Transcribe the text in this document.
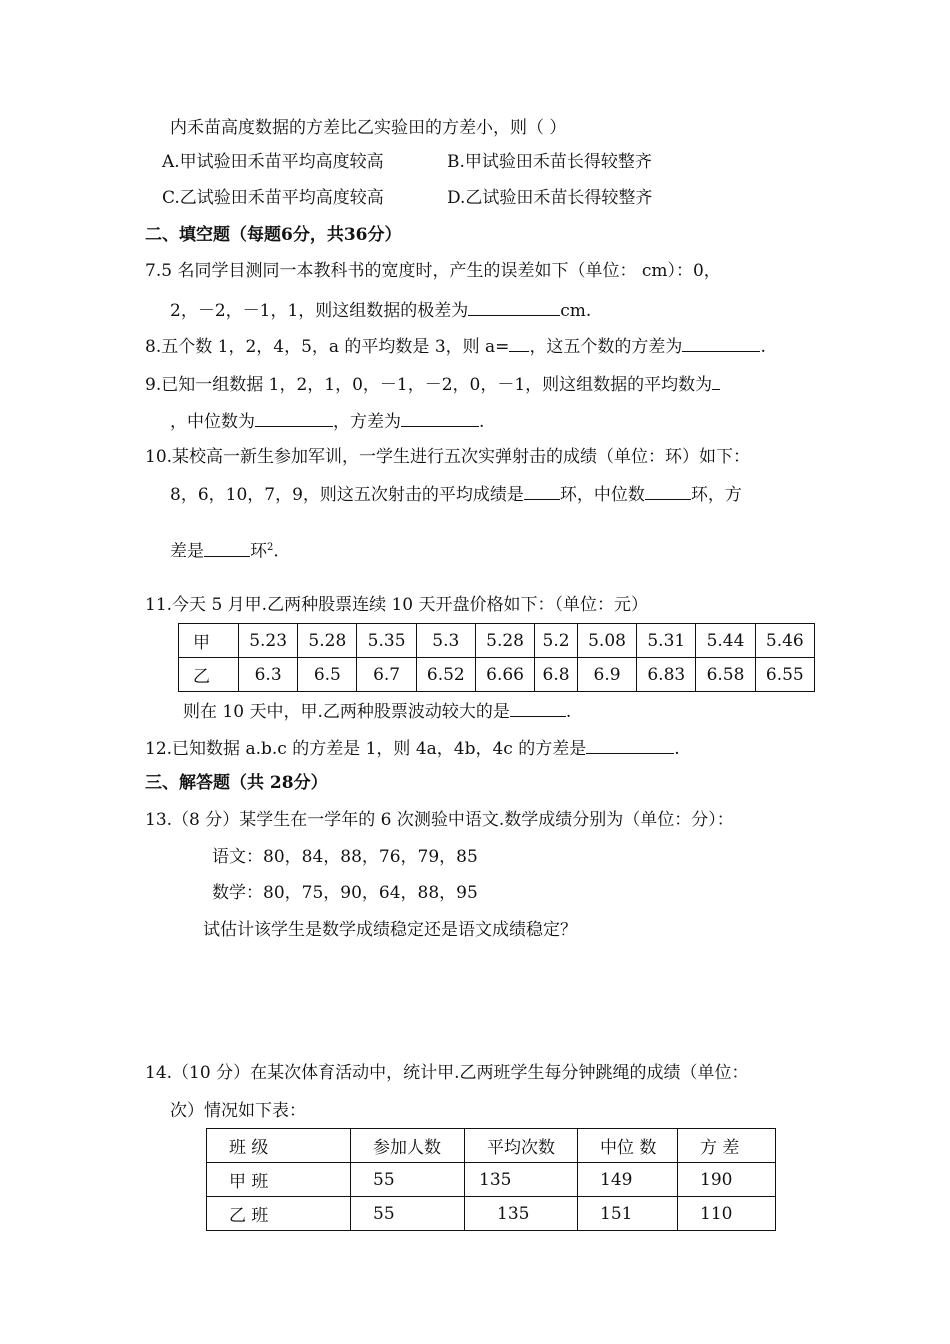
内禾苗高度数据的方差比乙实验田的方差小，则（ ）
A.甲试验田禾苗平均高度较高	B.甲试验田禾苗长得较整齐
C.乙试验田禾苗平均高度较高	D.乙试验田禾苗长得较整齐
二、填空题（每题6分，共36分）
7.5 名同学目测同一本教科书的宽度时，产生的误差如下（单位： cm）：0，
2，－2，－1，1，则这组数据的极差为	cm.
8.五个数 1，2，4，5，a 的平均数是 3，则 a= ，这五个数的方差为	.
9.已知一组数据 1，2，1，0，－1，－2，0，－1，则这组数据的平均数为
，中位数为	，方差为	.
10.某校高一新生参加军训，一学生进行五次实弹射击的成绩（单位：环）如下：
8，6，10，7，9，则这五次射击的平均成绩是 环，中位数	环，方
差是	环$^2$.
11.今天 5 月甲.乙两种股票连续 10 天开盘价格如下：（单位：元）
甲	5.23	5.28	5.35	5.3	5.28	5.2	5.08	5.31	5.44	5.46
乙	6.3	6.5	6.7	6.52	6.66	6.8	6.9	6.83	6.58	6.55
则在 10 天中，甲.乙两种股票波动较大的是	.
12.已知数据 a.b.c 的方差是 1，则 4a，4b，4c 的方差是	.
三、解答题（共 28分）
13.（8 分）某学生在一学年的 6 次测验中语文.数学成绩分别为（单位：分）：
语文：80，84，88，76，79，85
数学：80，75，90，64，88，95
试估计该学生是数学成绩稳定还是语文成绩稳定？
14.（10 分）在某次体育活动中，统计甲.乙两班学生每分钟跳绳的成绩（单位：
次）情况如下表：
班 级	参加人数	平均次数	中位 数	方 差
甲 班	55	135	149	190
乙 班	55	135	151	110
